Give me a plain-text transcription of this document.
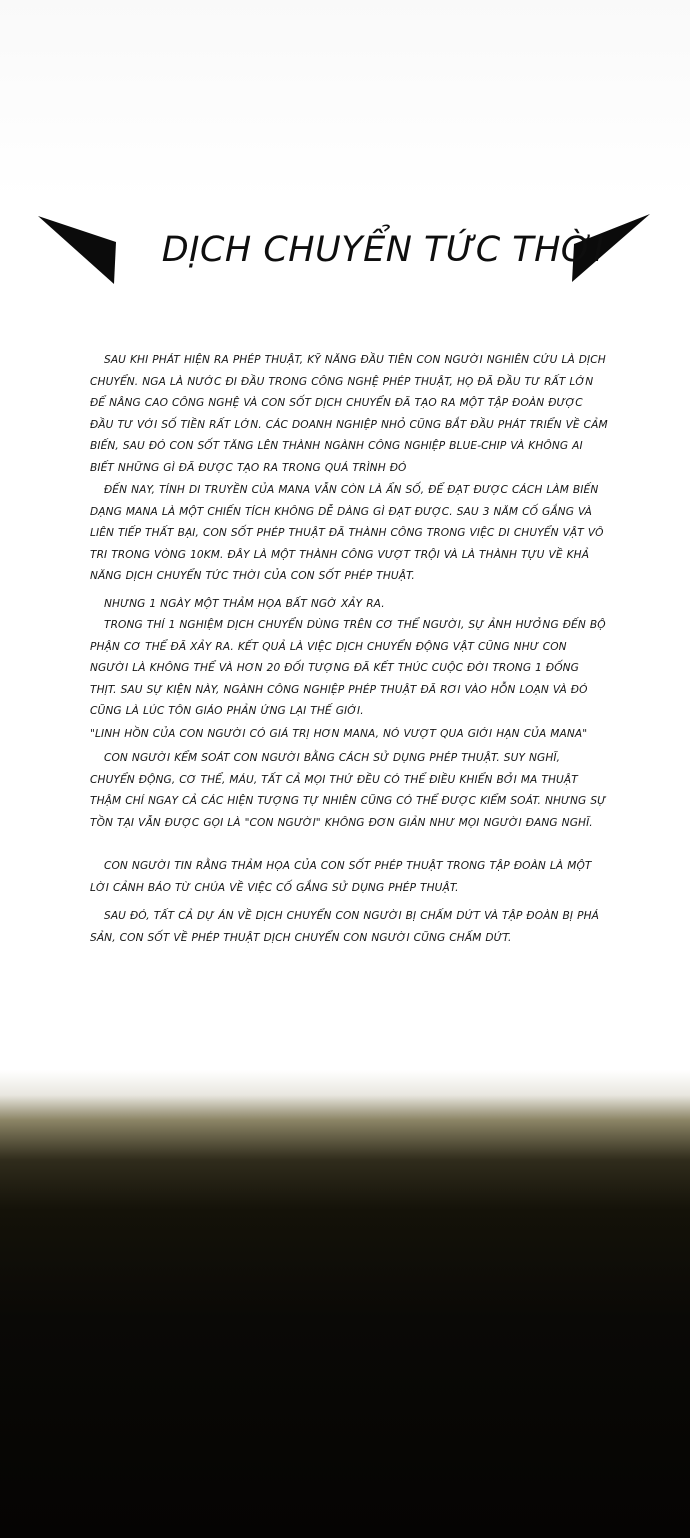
DỊCH CHUYỂN TỨC THỜI

SAU KHI PHÁT HIỆN RA PHÉP THUẬT, KỸ NĂNG ĐẦU TIÊN CON NGƯỜI NGHIÊN CỨU LÀ DỊCH CHUYỂN. NGA LÀ NƯỚC ĐI ĐẦU TRONG CÔNG NGHỆ PHÉP THUẬT, HỌ ĐÃ ĐẦU TƯ RẤT LỚN ĐỂ NÂNG CAO CÔNG NGHỆ VÀ CON SỐT DỊCH CHUYỂN ĐÃ TẠO RA MỘT TẬP ĐOÀN ĐƯỢC ĐẦU TƯ VỚI SỐ TIỀN RẤT LỚN. CÁC DOANH NGHIỆP NHỎ CŨNG BẮT ĐẦU PHÁT TRIỂN VỀ CẢM BIẾN, SAU ĐÓ CON SỐT TĂNG LÊN THÀNH NGÀNH CÔNG NGHIỆP BLUE-CHIP VÀ KHÔNG AI BIẾT NHỮNG GÌ ĐÃ ĐƯỢC TẠO RA TRONG QUÁ TRÌNH ĐÓ

ĐẾN NAY, TÍNH DI TRUYỀN CỦA MANA VẪN CÒN LÀ ẨN SỐ, ĐỂ ĐẠT ĐƯỢC CÁCH LÀM BIẾN DẠNG MANA LÀ MỘT CHIẾN TÍCH KHÔNG DỄ DÀNG GÌ ĐẠT ĐƯỢC. SAU 3 NĂM CỐ GẮNG VÀ LIÊN TIẾP THẤT BẠI, CON SỐT PHÉP THUẬT ĐÃ THÀNH CÔNG TRONG VIỆC DI CHUYỂN VẬT VÔ TRI TRONG VÒNG 10KM. ĐÂY LÀ MỘT THÀNH CÔNG VƯỢT TRỘI VÀ LÀ THÀNH TỰU VỀ KHẢ NĂNG DỊCH CHUYỂN TỨC THỜI CỦA CON SỐT PHÉP THUẬT.

NHƯNG 1 NGÀY MỘT THẢM HỌA BẤT NGỜ XẢY RA.

TRONG THÍ 1 NGHIỆM DỊCH CHUYỂN DÙNG TRÊN CƠ THỂ NGƯỜI, SỰ ẢNH HƯỞNG ĐẾN BỘ PHẬN CƠ THỂ ĐÃ XẢY RA. KẾT QUẢ LÀ VIỆC DỊCH CHUYỂN ĐỘNG VẬT CŨNG NHƯ CON NGƯỜI LÀ KHÔNG THỂ VÀ HƠN 20 ĐỐI TƯỢNG ĐÃ KẾT THÚC CUỘC ĐỜI TRONG 1 ĐỐNG THỊT. SAU SỰ KIỆN NÀY, NGÀNH CÔNG NGHIỆP PHÉP THUẬT ĐÃ RƠI VÀO HỖN LOẠN VÀ ĐÓ CŨNG LÀ LÚC TÔN GIÁO PHẢN ỨNG LẠI THẾ GIỚI.

"LINH HỒN CỦA CON NGƯỜI CÓ GIÁ TRỊ HƠN MANA, NÓ VƯỢT QUA GIỚI HẠN CỦA MANA"

CON NGƯỜI KỂM SOÁT CON NGƯỜI BẰNG CÁCH SỬ DỤNG PHÉP THUẬT. SUY NGHĨ, CHUYỂN ĐỘNG, CƠ THỂ, MÁU, TẤT CẢ MỌI THỨ ĐỀU CÓ THỂ ĐIỀU KHIỂN BỞI MA THUẬT THẬM CHÍ NGAY CẢ CÁC HIỆN TƯỢNG TỰ NHIÊN CŨNG CÓ THỂ ĐƯỢC KIỂM SOÁT. NHƯNG SỰ TỒN TẠI VẪN ĐƯỢC GỌI LÀ "CON NGƯỜI" KHÔNG ĐƠN GIẢN NHƯ MỌI NGƯỜI ĐANG NGHĨ.

CON NGƯỜI TIN RẰNG THẢM HỌA CỦA CON SỐT PHÉP THUẬT TRONG TẬP ĐOÀN LÀ MỘT LỜI CẢNH BÁO TỪ CHÚA VỀ VIỆC CỐ GẮNG SỬ DỤNG PHÉP THUẬT.

SAU ĐÓ, TẤT CẢ DỰ ÁN VỀ DỊCH CHUYỂN CON NGƯỜI BỊ CHẤM DỨT VÀ TẬP ĐOÀN BỊ PHÁ SẢN, CON SỐT VỀ PHÉP THUẬT DỊCH CHUYỂN CON NGƯỜI CŨNG CHẤM DỨT.
